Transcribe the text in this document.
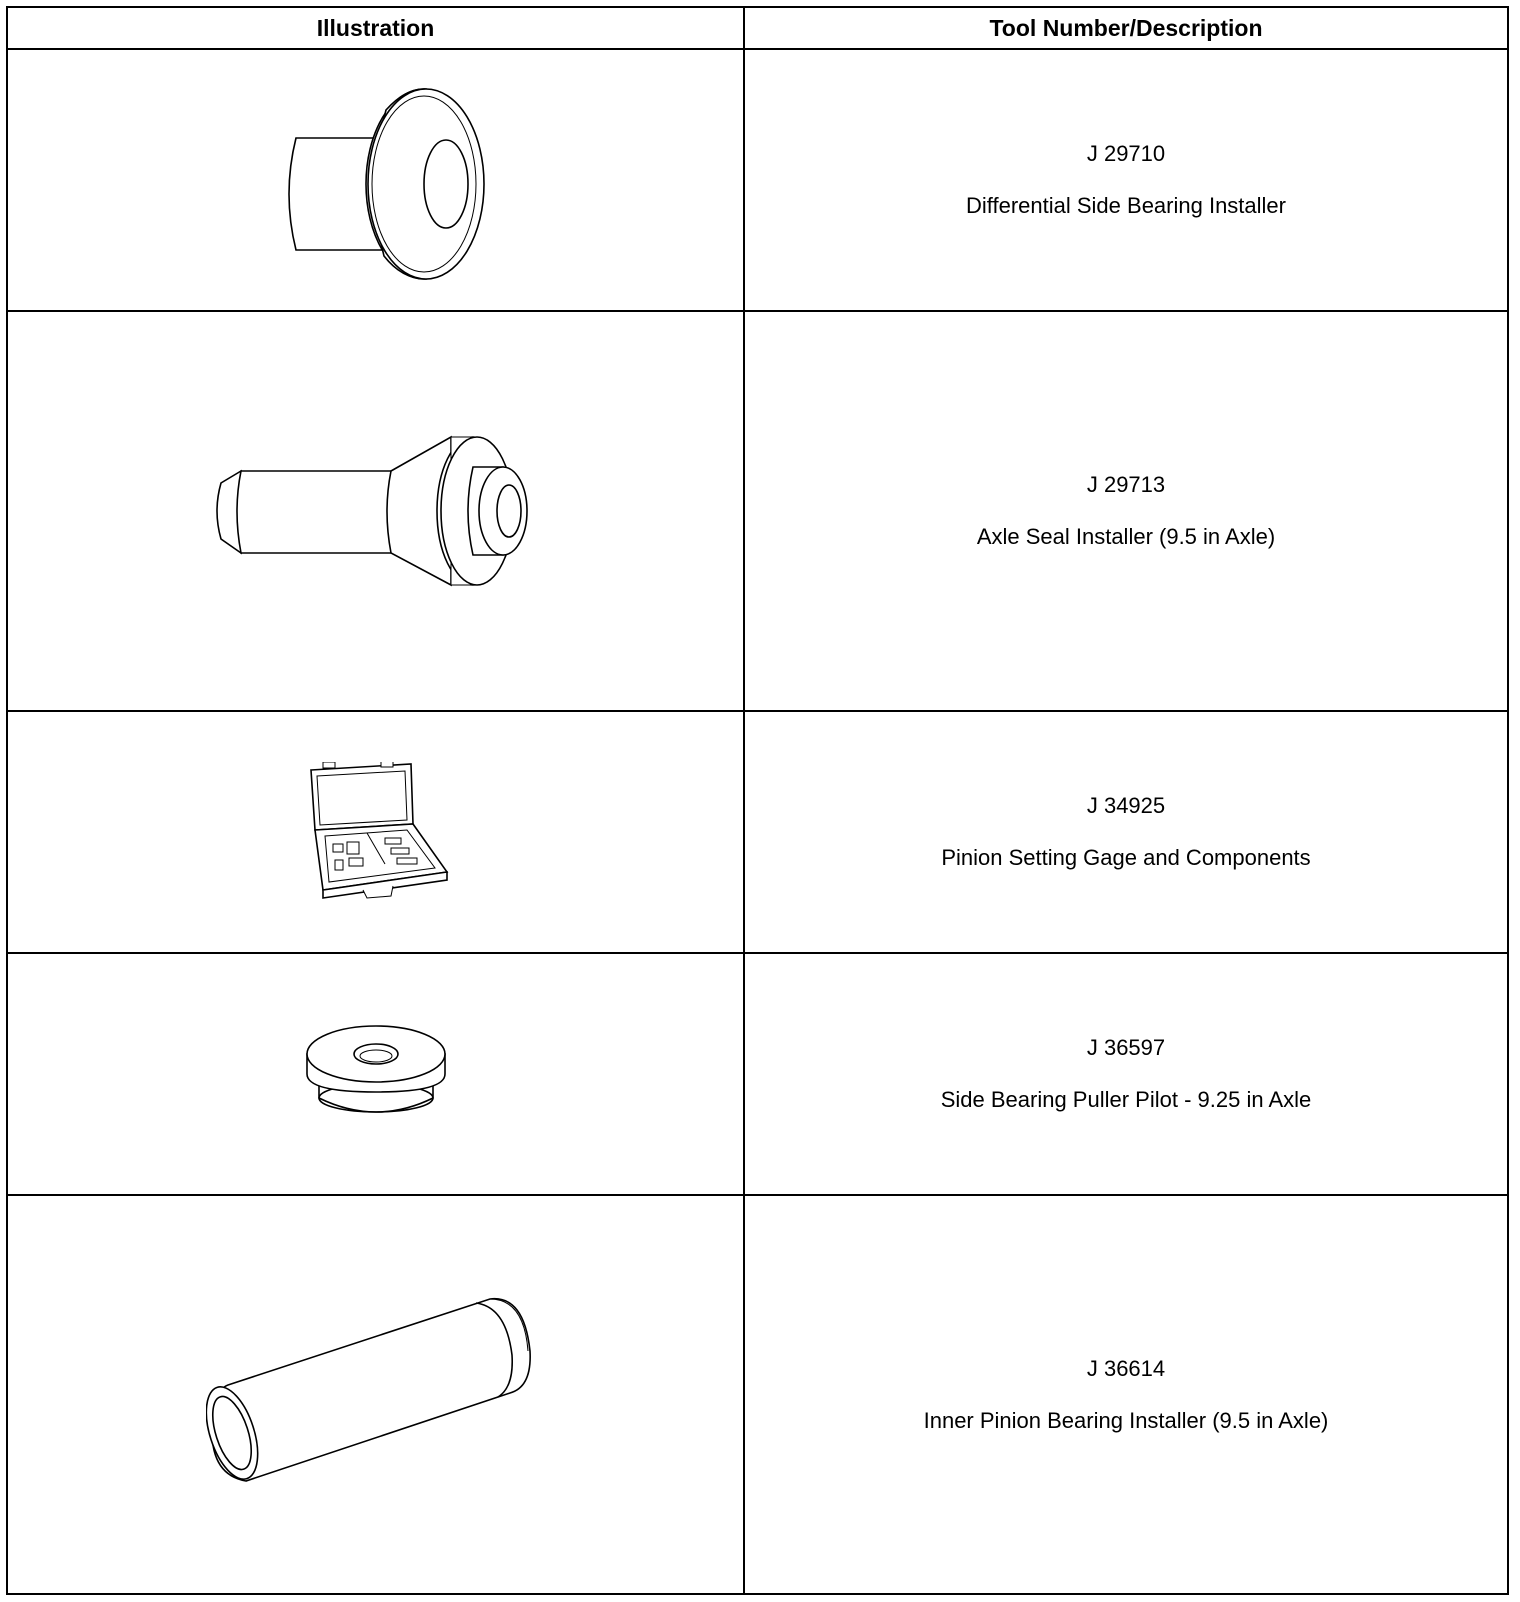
Illustration	Tool Number/Description

J 29710
Differential Side Bearing Installer

J 29713
Axle Seal Installer (9.5 in Axle)

J 34925
Pinion Setting Gage and Components

J 36597
Side Bearing Puller Pilot - 9.25 in Axle

J 36614
Inner Pinion Bearing Installer (9.5 in Axle)
